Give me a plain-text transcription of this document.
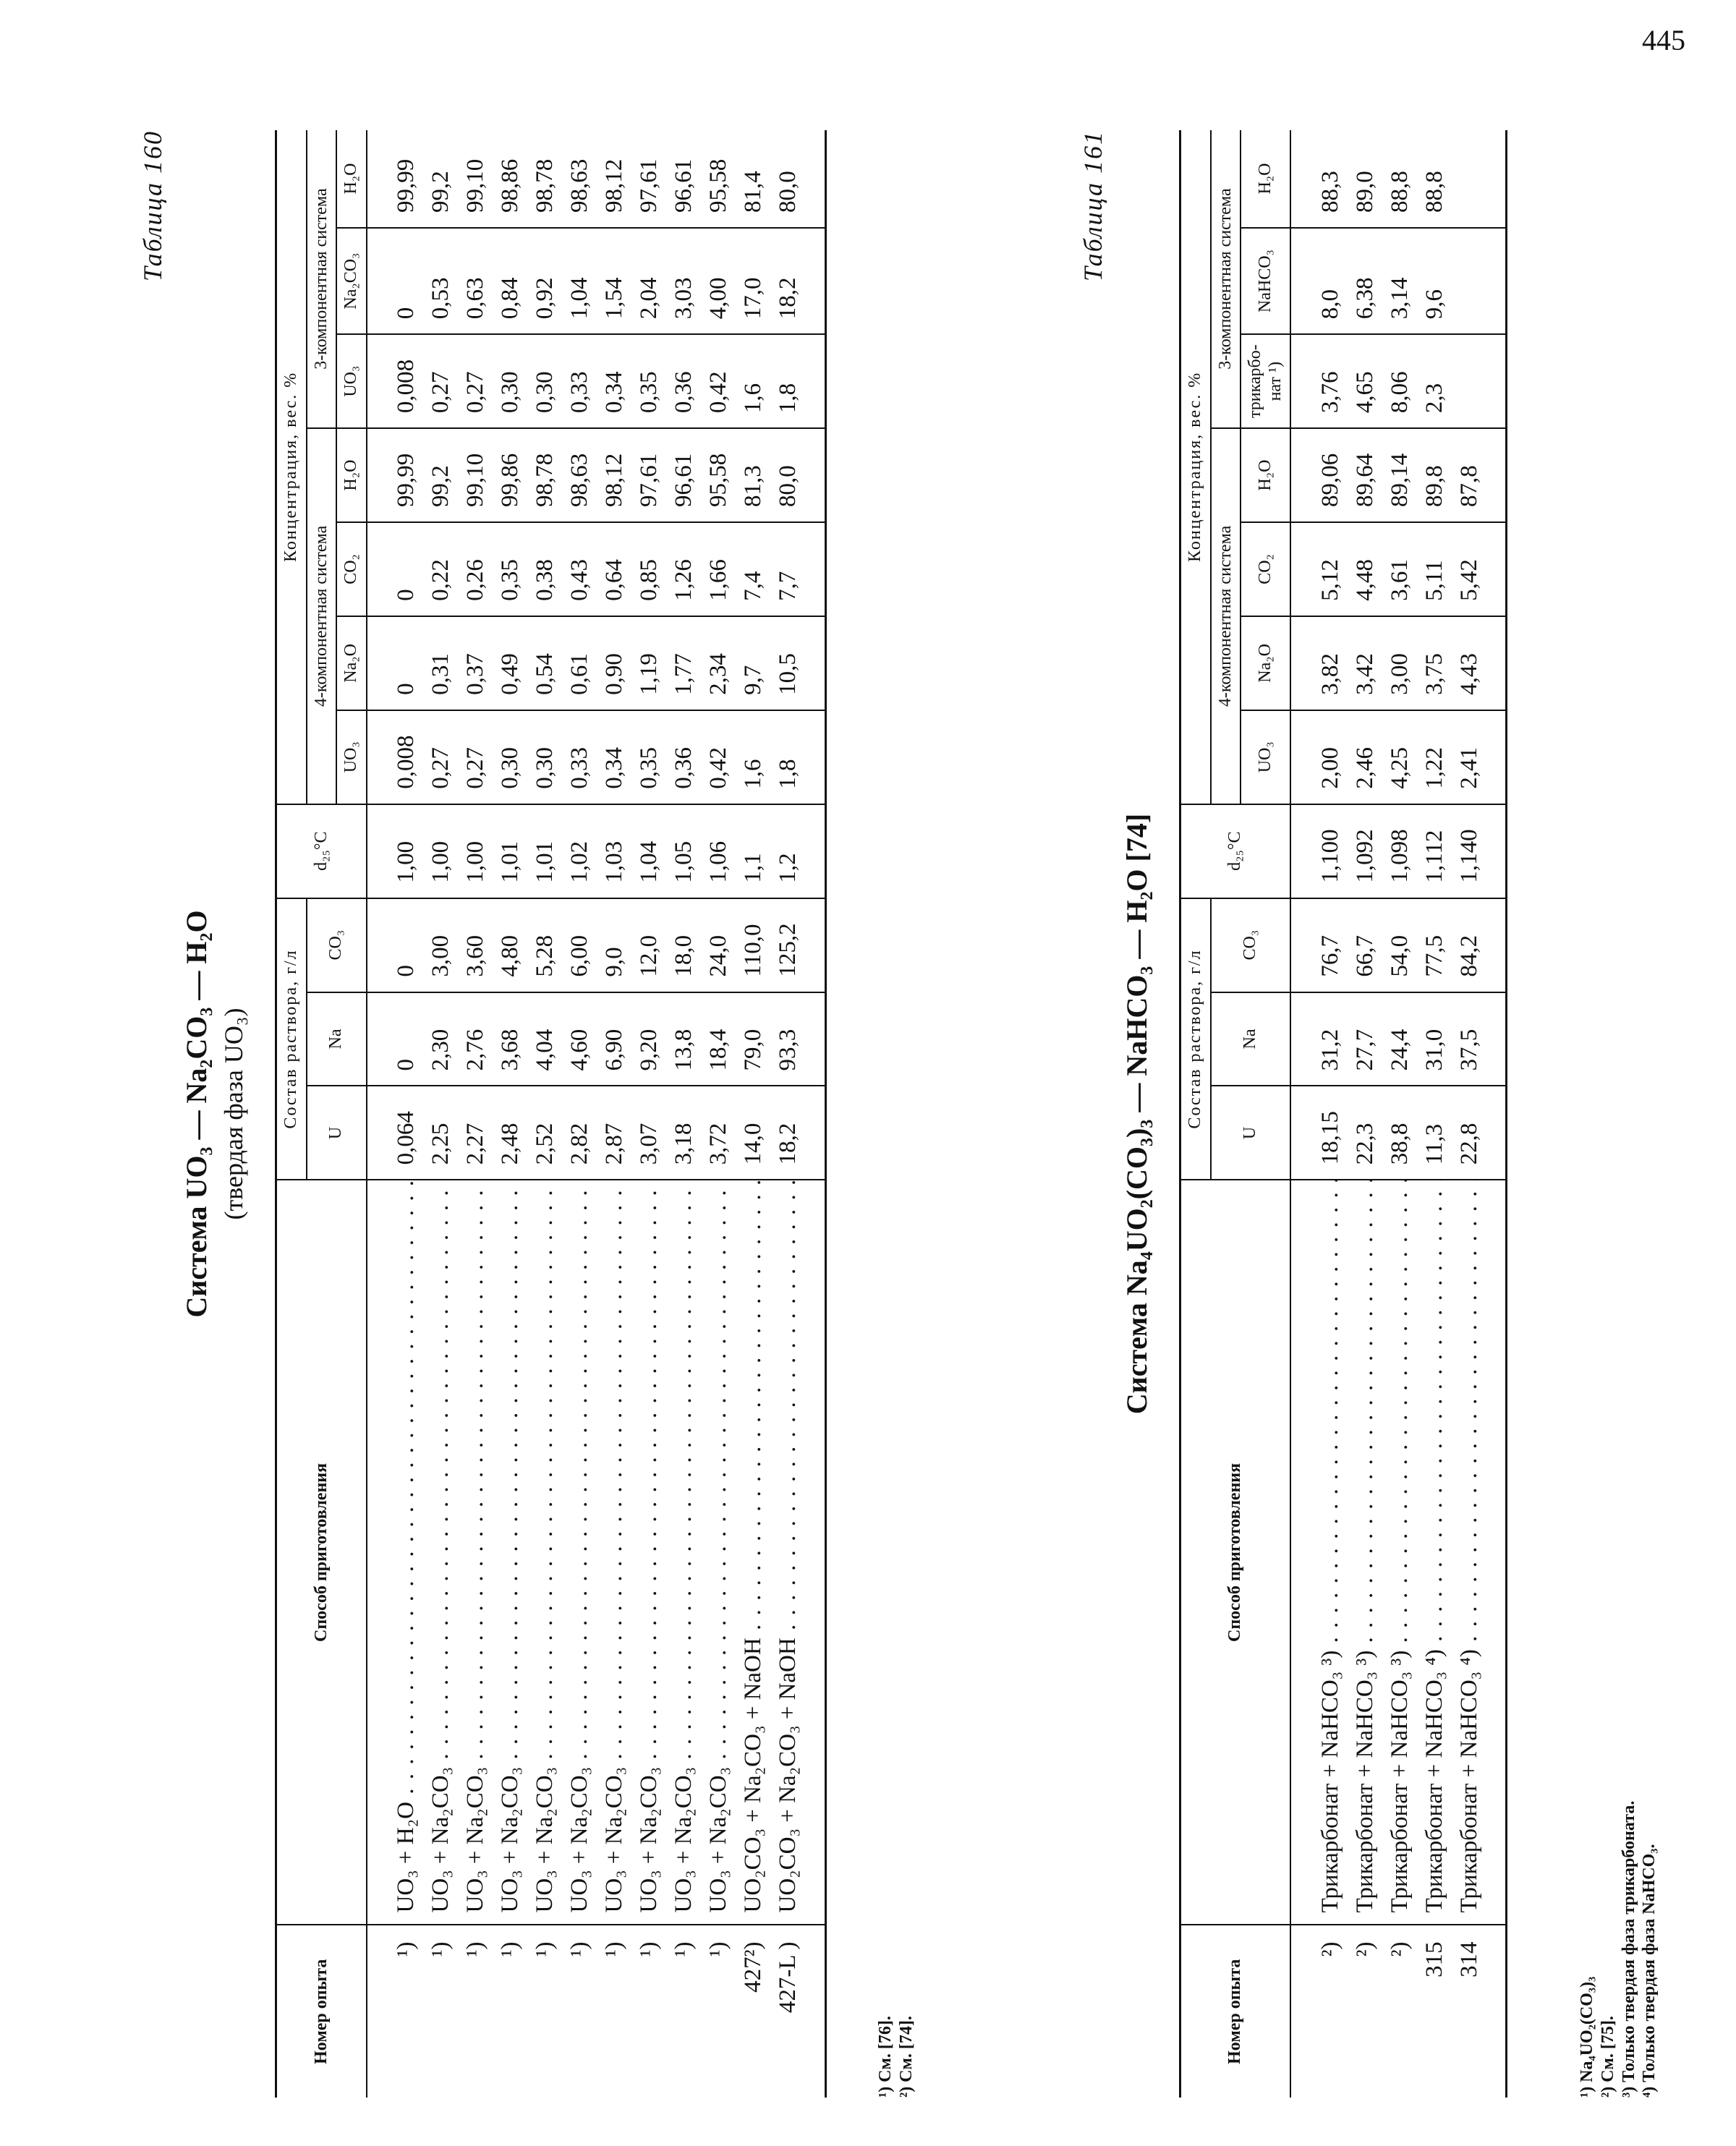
445
Таблица 160
Система UO₃ — Na₂CO₃ — H₂O (твердая фаза UO₃)
Номер опыта	Способ приготовления	Состав раствора, г/л			d₂₅°C	Концентрация, вес. %						
		U	Na	CO₃		4-компонентная система				3-компонентная система		
						UO₃	Na₂O	CO₂	H₂O	UO₃	Na₂CO₃	H₂O

¹)	UO₃ + H₂O . . .	0,064	0	0	1,00	0,008	0	0	99,99	0,008	0	99,99
¹)	UO₃ + Na₂CO₃ . . .	2,25	2,30	3,00	1,00	0,27	0,31	0,22	99,2	0,27	0,53	99,2
¹)	UO₃ + Na₂CO₃ . . .	2,27	2,76	3,60	1,00	0,27	0,37	0,26	99,10	0,27	0,63	99,10
¹)	UO₃ + Na₂CO₃ . . .	2,48	3,68	4,80	1,01	0,30	0,49	0,35	99,86	0,30	0,84	98,86
¹)	UO₃ + Na₂CO₃ . . .	2,52	4,04	5,28	1,01	0,30	0,54	0,38	98,78	0,30	0,92	98,78
¹)	UO₃ + Na₂CO₃ . . .	2,82	4,60	6,00	1,02	0,33	0,61	0,43	98,63	0,33	1,04	98,63
¹)	UO₃ + Na₂CO₃ . . .	2,87	6,90	9,0	1,03	0,34	0,90	0,64	98,12	0,34	1,54	98,12
¹)	UO₃ + Na₂CO₃ . . .	3,07	9,20	12,0	1,04	0,35	1,19	0,85	97,61	0,35	2,04	97,61
¹)	UO₃ + Na₂CO₃ . . .	3,18	13,8	18,0	1,05	0,36	1,77	1,26	96,61	0,36	3,03	96,61
¹)	UO₃ + Na₂CO₃ . . .	3,72	18,4	24,0	1,06	0,42	2,34	1,66	95,58	0,42	4,00	95,58
427²)	UO₂CO₃ + Na₂CO₃ + NaOH . . .	14,0	79,0	110,0	1,1	1,6	9,7	7,4	81,3	1,6	17,0	81,4
427-L )	UO₂CO₃ + Na₂CO₃ + NaOH . . .	18,2	93,3	125,2	1,2	1,8	10,5	7,7	80,0	1,8	18,2	80,0

¹) См. [76]. ²) См. [74].
Таблица 161
Система Na₄UO₂(CO₃)₃ — NaHCO₃ — H₂O [74]
Номер опыта	Способ приготовления	Состав раствора, г/л			d₂₅°C	Концентрация, вес. %						
		U	Na	CO₃		4-компонентная система				3-компонентная система		
						UO₃	Na₂O	CO₂	H₂O	трикарбо-нат ¹)	NaHCO₃	H₂O

²)	Трикарбонат + NaHCO₃ ³) . . .	18,15	31,2	76,7	1,100	2,00	3,82	5,12	89,06	3,76	8,0	88,3
²)	Трикарбонат + NaHCO₃ ³) . . .	22,3	27,7	66,7	1,092	2,46	3,42	4,48	89,64	4,65	6,38	89,0
²)	Трикарбонат + NaHCO₃ ³) . . .	38,8	24,4	54,0	1,098	4,25	3,00	3,61	89,14	8,06	3,14	88,8
315	Трикарбонат + NaHCO₃ ⁴) . . .	11,3	31,0	77,5	1,112	1,22	3,75	5,11	89,8	2,3	9,6	88,8
314	Трикарбонат + NaHCO₃ ⁴) . . .	22,8	37,5	84,2	1,140	2,41	4,43	5,42	87,8			

¹) Na₄UO₂(CO₃)₃ ²) См. [75]. ³) Только твердая фаза трикарбоната. ⁴) Только твердая фаза NaHCO₃.
